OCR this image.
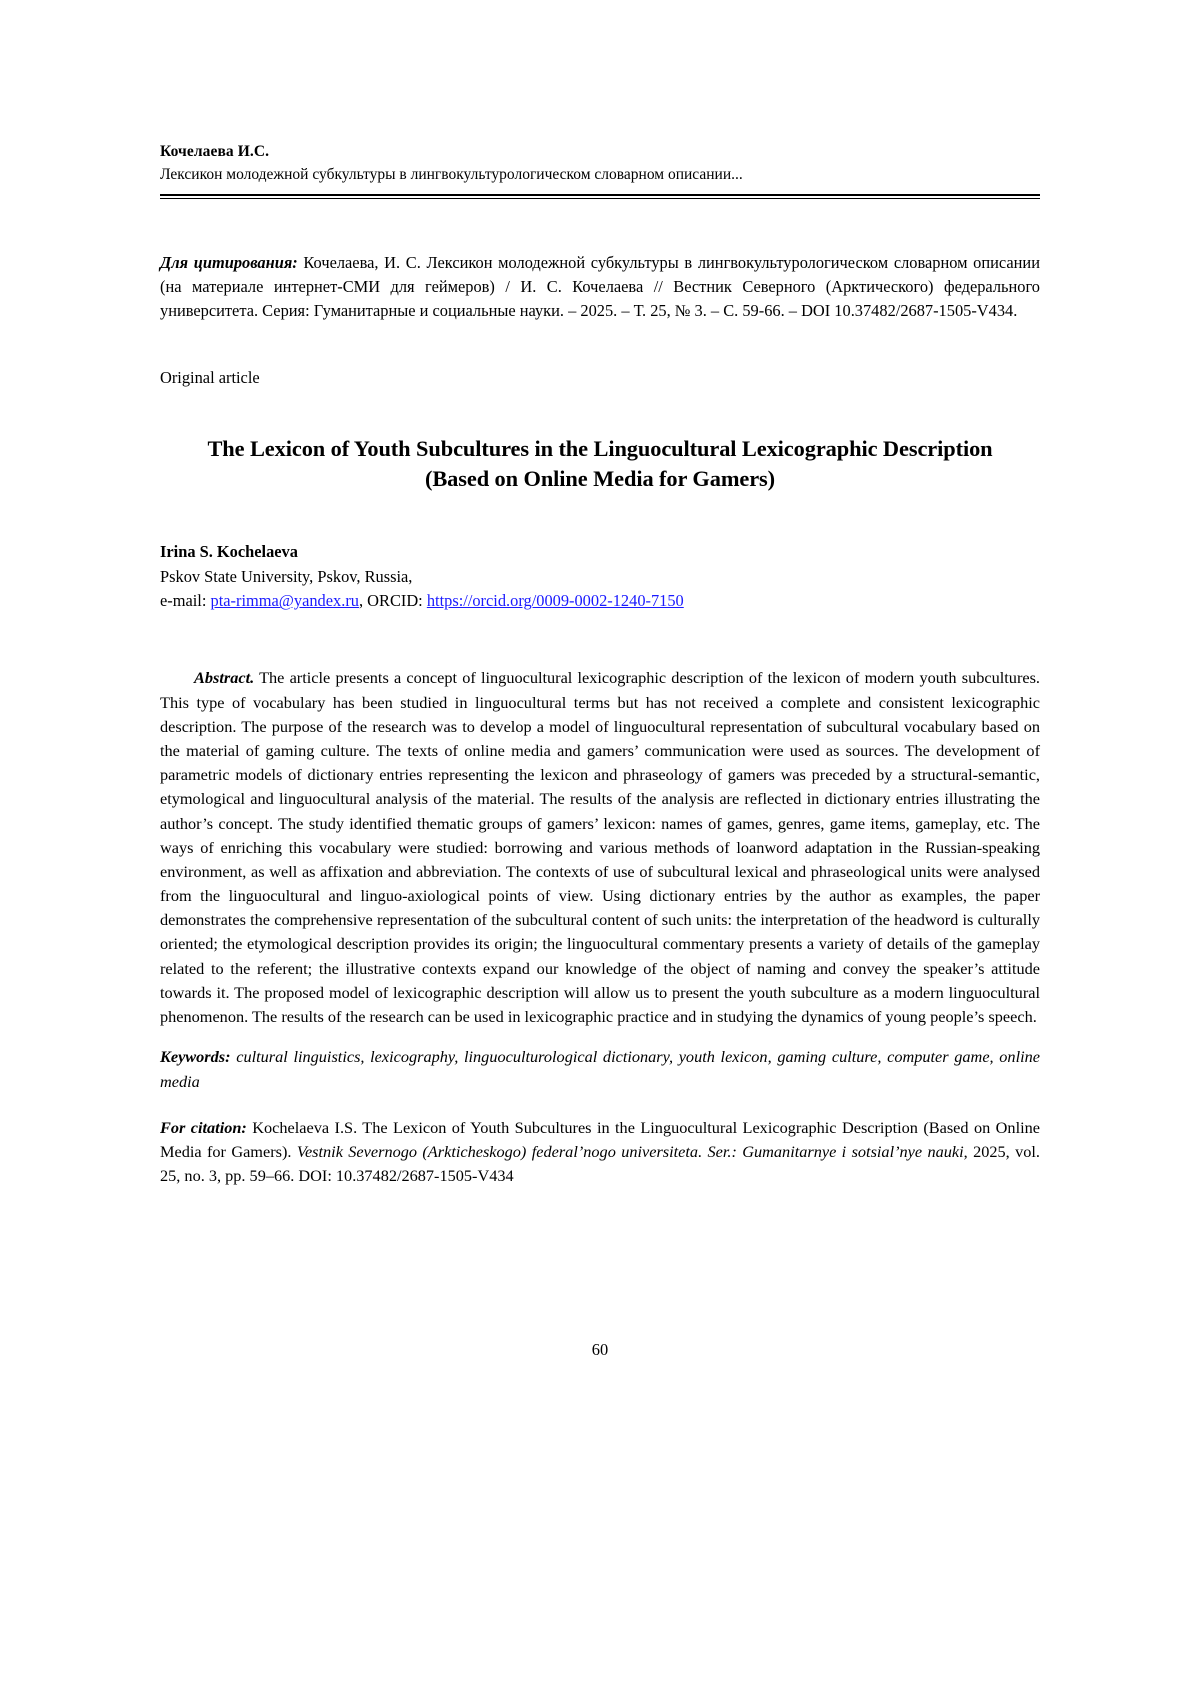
Кочелаева И.С.
Лексикон молодежной субкультуры в лингвокультурологическом словарном описании...

Для цитирования: Кочелаева, И. С. Лексикон молодежной субкультуры в лингвокультурологическом словарном описании (на материале интернет-СМИ для геймеров) / И. С. Кочелаева // Вестник Северного (Арктического) федерального университета. Серия: Гуманитарные и социальные науки. – 2025. – Т. 25, № 3. – С. 59-66. – DOI 10.37482/2687-1505-V434.

Original article

The Lexicon of Youth Subcultures in the Linguocultural Lexicographic Description
(Based on Online Media for Gamers)
Irina S. Kochelaeva
Pskov State University, Pskov, Russia,
e-mail: pta-rimma@yandex.ru, ORCID: https://orcid.org/0009-0002-1240-7150

Abstract. The article presents a concept of linguocultural lexicographic description of the lexicon of modern youth subcultures. This type of vocabulary has been studied in linguocultural terms but has not received a complete and consistent lexicographic description. The purpose of the research was to develop a model of linguocultural representation of subcultural vocabulary based on the material of gaming culture. The texts of online media and gamers’ communication were used as sources. The development of parametric models of dictionary entries representing the lexicon and phraseology of gamers was preceded by a structural-semantic, etymological and linguocultural analysis of the material. The results of the analysis are reflected in dictionary entries illustrating the author’s concept. The study identified thematic groups of gamers’ lexicon: names of games, genres, game items, gameplay, etc. The ways of enriching this vocabulary were studied: borrowing and various methods of loanword adaptation in the Russian-speaking environment, as well as affixation and abbreviation. The contexts of use of subcultural lexical and phraseological units were analysed from the linguocultural and linguo-axiological points of view. Using dictionary entries by the author as examples, the paper demonstrates the comprehensive representation of the subcultural content of such units: the interpretation of the headword is culturally oriented; the etymological description provides its origin; the linguocultural commentary presents a variety of details of the gameplay related to the referent; the illustrative contexts expand our knowledge of the object of naming and convey the speaker’s attitude towards it. The proposed model of lexicographic description will allow us to present the youth subculture as a modern linguocultural phenomenon. The results of the research can be used in lexicographic practice and in studying the dynamics of young people’s speech.

Keywords: cultural linguistics, lexicography, linguoculturological dictionary, youth lexicon, gaming culture, computer game, online media

For citation: Kochelaeva I.S. The Lexicon of Youth Subcultures in the Linguocultural Lexicographic Description (Based on Online Media for Gamers). Vestnik Severnogo (Arkticheskogo) federal’nogo universiteta. Ser.: Gumanitarnye i sotsial’nye nauki, 2025, vol. 25, no. 3, pp. 59–66. DOI: 10.37482/2687-1505-V434

60
